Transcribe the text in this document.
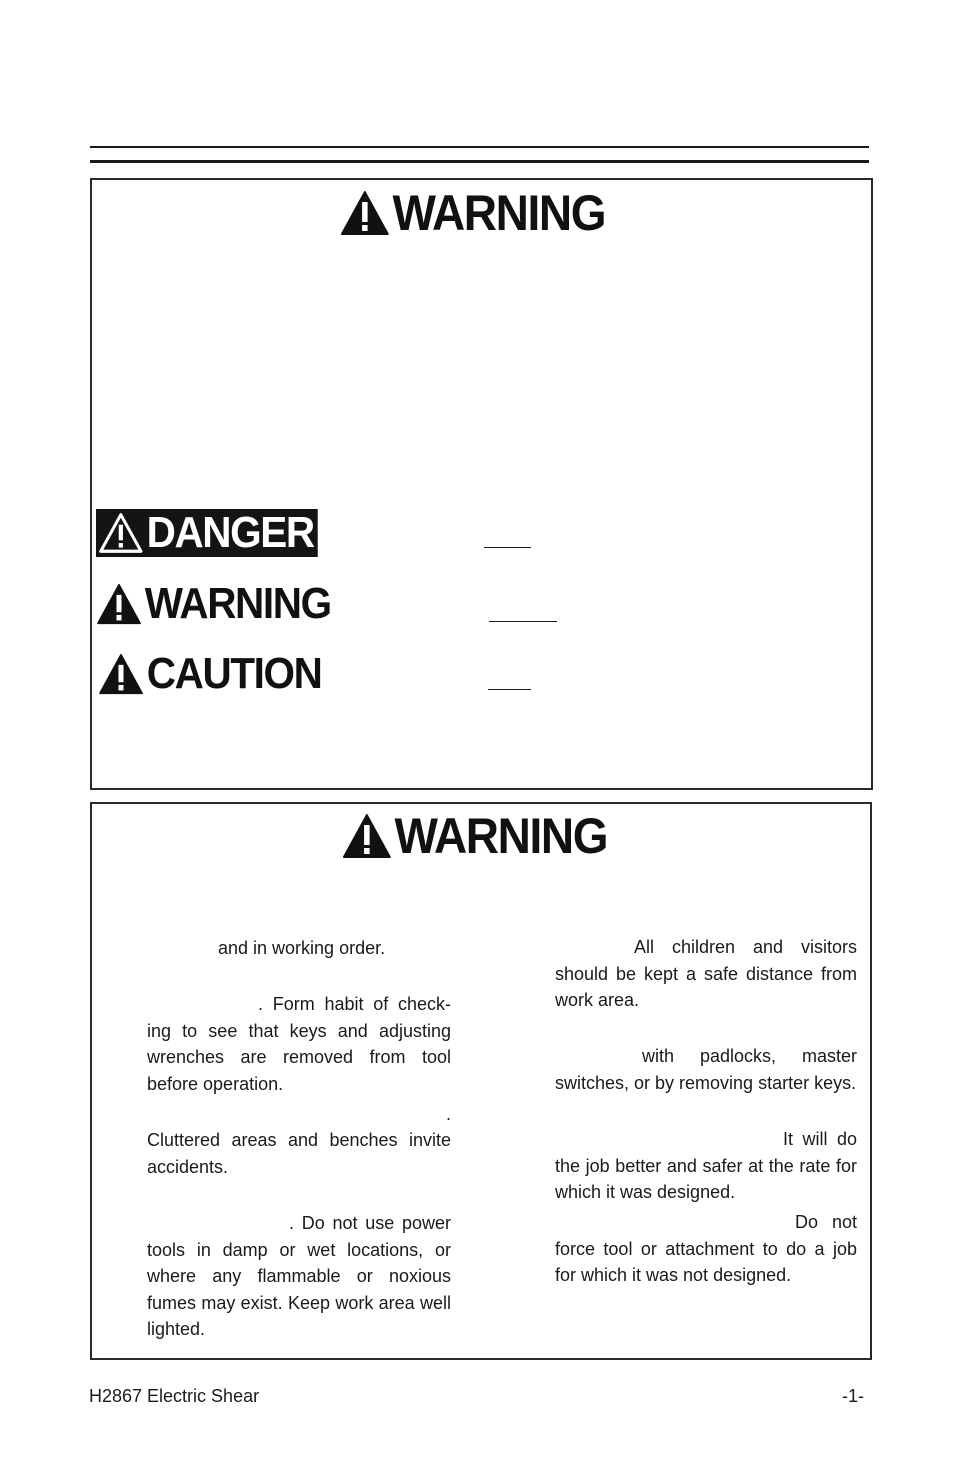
WARNING
DANGER
WARNING
CAUTION
WARNING
and in working order.
. Form habit of check-ing to see that keys and adjusting wrenches are removed from tool before operation.
.
Cluttered areas and benches invite accidents.
. Do not use power tools in damp or wet locations, or where any flammable or noxious fumes may exist. Keep work area well lighted.
All children and visitors should be kept a safe distance from work area.
with padlocks, master switches, or by removing starter keys.
It will do the job better and safer at the rate for which it was designed.
Do not force tool or attachment to do a job for which it was not designed.
H2867 Electric Shear	-1-
